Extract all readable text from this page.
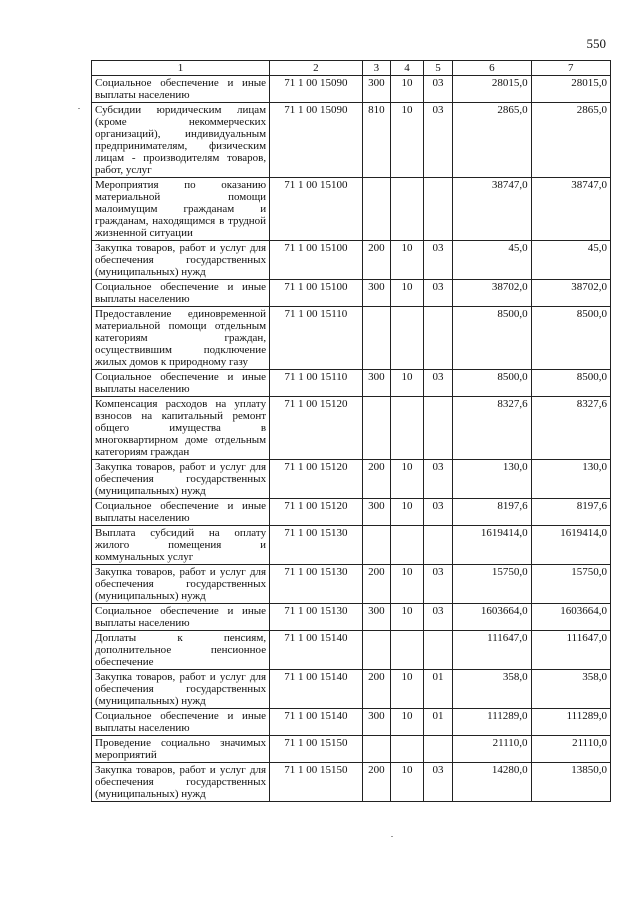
550
1	2	3	4	5	6	7
Социальное обеспечение и иные выплаты населению	71 1 00 15090	300	10	03	28015,0	28015,0
Субсидии юридическим лицам (кроме некоммерческих организаций), индивидуальным предпринимателям, физическим лицам - производителям товаров, работ, услуг	71 1 00 15090	810	10	03	2865,0	2865,0
Мероприятия по оказанию материальной помощи малоимущим гражданам и гражданам, находящимся в трудной жизненной ситуации	71 1 00 15100				38747,0	38747,0
Закупка товаров, работ и услуг для обеспечения государственных (муниципальных) нужд	71 1 00 15100	200	10	03	45,0	45,0
Социальное обеспечение и иные выплаты населению	71 1 00 15100	300	10	03	38702,0	38702,0
Предоставление единовременной материальной помощи отдельным категориям граждан, осуществившим подключение жилых домов к природному газу	71 1 00 15110				8500,0	8500,0
Социальное обеспечение и иные выплаты населению	71 1 00 15110	300	10	03	8500,0	8500,0
Компенсация расходов на уплату взносов на капитальный ремонт общего имущества в многоквартирном доме отдельным категориям граждан	71 1 00 15120				8327,6	8327,6
Закупка товаров, работ и услуг для обеспечения государственных (муниципальных) нужд	71 1 00 15120	200	10	03	130,0	130,0
Социальное обеспечение и иные выплаты населению	71 1 00 15120	300	10	03	8197,6	8197,6
Выплата субсидий на оплату жилого помещения и коммунальных услуг	71 1 00 15130				1619414,0	1619414,0
Закупка товаров, работ и услуг для обеспечения государственных (муниципальных) нужд	71 1 00 15130	200	10	03	15750,0	15750,0
Социальное обеспечение и иные выплаты населению	71 1 00 15130	300	10	03	1603664,0	1603664,0
Доплаты к пенсиям, дополнительное пенсионное обеспечение	71 1 00 15140				111647,0	111647,0
Закупка товаров, работ и услуг для обеспечения государственных (муниципальных) нужд	71 1 00 15140	200	10	01	358,0	358,0
Социальное обеспечение и иные выплаты населению	71 1 00 15140	300	10	01	111289,0	111289,0
Проведение социально значимых мероприятий	71 1 00 15150				21110,0	21110,0
Закупка товаров, работ и услуг для обеспечения государственных (муниципальных) нужд	71 1 00 15150	200	10	03	14280,0	13850,0
